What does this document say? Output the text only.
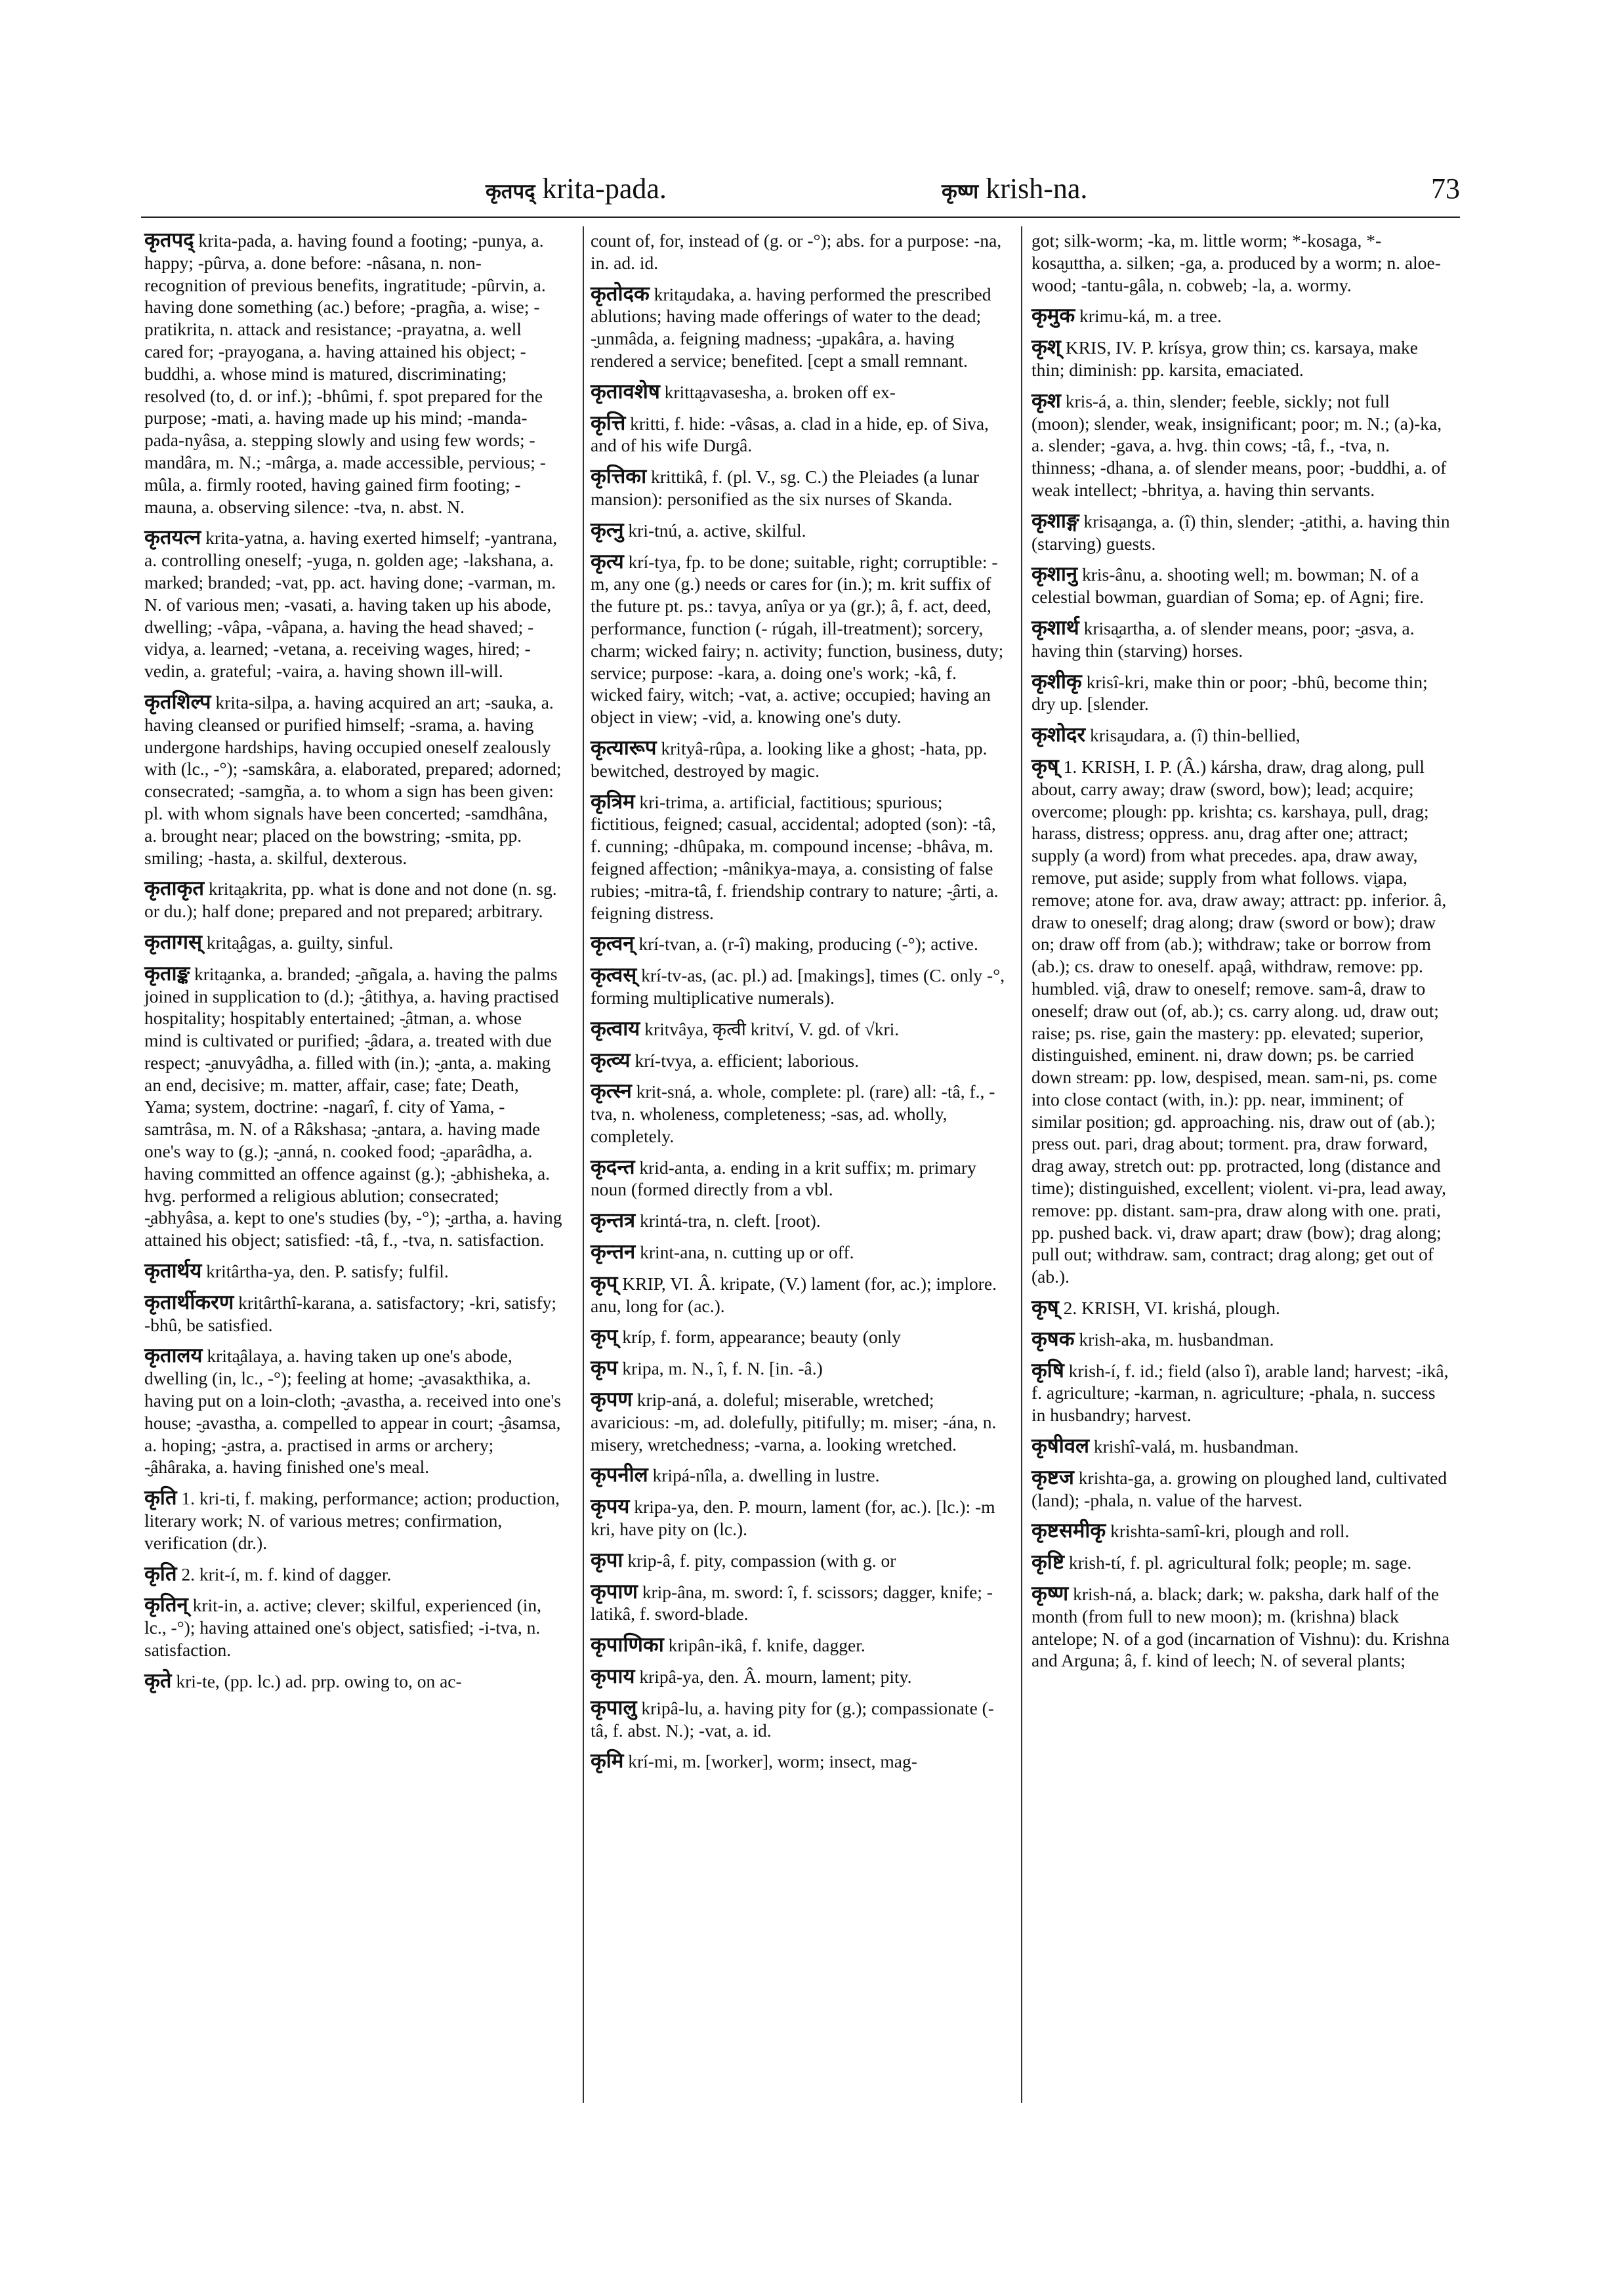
कृतपद् krita-pada.	कृष्ण krish-na.	73
कृतपद् krita-pada, a. having found a footing; -punya, a. happy; -pûrva, a. done before: -nâsana, n. non-recognition of previous benefits, ingratitude; -pûrvin, a. having done something (ac.) before; -pragña, a. wise; -pratikrita, n. attack and resistance; -prayatna, a. well cared for; -prayogana, a. having attained his object; -buddhi, a. whose mind is matured, discriminating; resolved (to, d. or inf.); -bhûmi, f. spot prepared for the purpose; -mati, a. having made up his mind; -manda-pada-nyâsa, a. stepping slowly and using few words; -mandâra, m. N.; -mârga, a. made accessible, pervious; -mûla, a. firmly rooted, having gained firm footing; -mauna, a. observing silence: -tva, n. abst. N.
कृतयत्न krita-yatna, a. having exerted himself; -yantrana, a. controlling oneself; -yuga, n. golden age; -lakshana, a. marked; branded; -vat, pp. act. having done; -varman, m. N. of various men; -vasati, a. having taken up his abode, dwelling; -vâpa, -vâpana, a. having the head shaved; -vidya, a. learned; -vetana, a. receiving wages, hired; -vedin, a. grateful; -vaira, a. having shown ill-will.
कृतशिल्प krita-silpa, a. having acquired an art; -sauka, a. having cleansed or purified himself; -srama, a. having undergone hardships, having occupied oneself zealously with (lc., -°); -samskâra, a. elaborated, prepared; adorned; consecrated; -samgña, a. to whom a sign has been given: pl. with whom signals have been concerted; -samdhâna, a. brought near; placed on the bowstring; -smita, pp. smiling; -hasta, a. skilful, dexterous.
कृताकृत krita̮akrita, pp. what is done and not done (n. sg. or du.); half done; prepared and not prepared; arbitrary.
कृतागस् krita̮âgas, a. guilty, sinful.
कृताङ्क krita̮anka, a. branded; -̮añgala, a. having the palms joined in supplication to (d.); -̮âtithya, a. having practised hospitality; hospitably entertained; -̮âtman, a. whose mind is cultivated or purified; -̮âdara, a. treated with due respect; -̮anuvyâdha, a. filled with (in.); -̮anta, a. making an end, decisive; m. matter, affair, case; fate; Death, Yama; system, doctrine: -nagarî, f. city of Yama, -samtrâsa, m. N. of a Râkshasa; -̮antara, a. having made one's way to (g.); -̮anná, n. cooked food; -̮aparâdha, a. having committed an offence against (g.); -̮abhisheka, a. hvg. performed a religious ablution; consecrated; -̮abhyâsa, a. kept to one's studies (by, -°); -̮artha, a. having attained his object; satisfied: -tâ, f., -tva, n. satisfaction.
कृतार्थय kritârtha-ya, den. P. satisfy; fulfil.
कृतार्थीकरण kritârthî-karana, a. satisfactory; -kri, satisfy; -bhû, be satisfied.
कृतालय krita̮âlaya, a. having taken up one's abode, dwelling (in, lc., -°); feeling at home; -̮avasakthika, a. having put on a loin-cloth; -̮avastha, a. received into one's house; -̮avastha, a. compelled to appear in court; -̮âsamsa, a. hoping; -̮astra, a. practised in arms or archery; -̮âhâraka, a. having finished one's meal.
कृति 1. kri-ti, f. making, performance; action; production, literary work; N. of various metres; confirmation, verification (dr.).
कृति 2. krit-í, m. f. kind of dagger.
कृतिन् krit-in, a. active; clever; skilful, experienced (in, lc., -°); having attained one's object, satisfied; -i-tva, n. satisfaction.
कृते kri-te, (pp. lc.) ad. prp. owing to, on ac-
count of, for, instead of (g. or -°); abs. for a purpose: -na, in. ad. id.
कृतोदक krita̮udaka, a. having performed the prescribed ablutions; having made offerings of water to the dead; -̮unmâda, a. feigning madness; -̮upakâra, a. having rendered a service; benefited. [cept a small remnant.
कृतावशेष kritta̮avasesha, a. broken off ex-
कृत्ति kritti, f. hide: -vâsas, a. clad in a hide, ep. of Siva, and of his wife Durgâ.
कृत्तिका krittikâ, f. (pl. V., sg. C.) the Pleiades (a lunar mansion): personified as the six nurses of Skanda.
कृत्नु kri-tnú, a. active, skilful.
कृत्य krí-tya, fp. to be done; suitable, right; corruptible: -m, any one (g.) needs or cares for (in.); m. krit suffix of the future pt. ps.: tavya, anîya or ya (gr.); â, f. act, deed, performance, function (- rúgah, ill-treatment); sorcery, charm; wicked fairy; n. activity; function, business, duty; service; purpose: -kara, a. doing one's work; -kâ, f. wicked fairy, witch; -vat, a. active; occupied; having an object in view; -vid, a. knowing one's duty.
कृत्यारूप krityâ-rûpa, a. looking like a ghost; -hata, pp. bewitched, destroyed by magic.
कृत्रिम kri-trima, a. artificial, factitious; spurious; fictitious, feigned; casual, accidental; adopted (son): -tâ, f. cunning; -dhûpaka, m. compound incense; -bhâva, m. feigned affection; -mânikya-maya, a. consisting of false rubies; -mitra-tâ, f. friendship contrary to nature; -̮ârti, a. feigning distress.
कृत्वन् krí-tvan, a. (r-î) making, producing (-°); active.
कृत्वस् krí-tv-as, (ac. pl.) ad. [makings], times (C. only -°, forming multiplicative numerals).
कृत्वाय kritvâya, कृत्वी kritví, V. gd. of √kri.
कृत्व्य krí-tvya, a. efficient; laborious.
कृत्स्न krit-sná, a. whole, complete: pl. (rare) all: -tâ, f., -tva, n. wholeness, completeness; -sas, ad. wholly, completely.
कृदन्त krid-anta, a. ending in a krit suffix; m. primary noun (formed directly from a vbl.
कृन्तत्र krintá-tra, n. cleft. [root).
कृन्तन krint-ana, n. cutting up or off.
कृप् KRIP, VI. Â. kripate, (V.) lament (for, ac.); implore. anu, long for (ac.).
कृप् kríp, f. form, appearance; beauty (only
कृप kripa, m. N., î, f. N. [in. -â.)
कृपण krip-aná, a. doleful; miserable, wretched; avaricious: -m, ad. dolefully, pitifully; m. miser; -ána, n. misery, wretchedness; -varna, a. looking wretched.
कृपनील kripá-nîla, a. dwelling in lustre.
कृपय kripa-ya, den. P. mourn, lament (for, ac.). [lc.): -m kri, have pity on (lc.).
कृपा krip-â, f. pity, compassion (with g. or
कृपाण krip-âna, m. sword: î, f. scissors; dagger, knife; -latikâ, f. sword-blade.
कृपाणिका kripân-ikâ, f. knife, dagger.
कृपाय kripâ-ya, den. Â. mourn, lament; pity.
कृपालु kripâ-lu, a. having pity for (g.); compassionate (-tâ, f. abst. N.); -vat, a. id.
कृमि krí-mi, m. [worker], worm; insect, mag-
got; silk-worm; -ka, m. little worm; *-kosaga, *-kosa̮uttha, a. silken; -ga, a. produced by a worm; n. aloe-wood; -tantu-gâla, n. cobweb; -la, a. wormy.
कृमुक krimu-ká, m. a tree.
कृश् KRIS, IV. P. krísya, grow thin; cs. karsaya, make thin; diminish: pp. karsita, emaciated.
कृश kris-á, a. thin, slender; feeble, sickly; not full (moon); slender, weak, insignificant; poor; m. N.; (a)-ka, a. slender; -gava, a. hvg. thin cows; -tâ, f., -tva, n. thinness; -dhana, a. of slender means, poor; -buddhi, a. of weak intellect; -bhritya, a. having thin servants.
कृशाङ्ग krisa̮anga, a. (î) thin, slender; -̮atithi, a. having thin (starving) guests.
कृशानु kris-ânu, a. shooting well; m. bowman; N. of a celestial bowman, guardian of Soma; ep. of Agni; fire.
कृशार्थ krisa̮artha, a. of slender means, poor; -̮asva, a. having thin (starving) horses.
कृशीकृ krisî-kri, make thin or poor; -bhû, become thin; dry up. [slender.
कृशोदर krisa̮udara, a. (î) thin-bellied,
कृष् 1. KRISH, I. P. (Â.) kársha, draw, drag along, pull about, carry away; draw (sword, bow); lead; acquire; overcome; plough: pp. krishta; cs. karshaya, pull, drag; harass, distress; oppress. anu, drag after one; attract; supply (a word) from what precedes. apa, draw away, remove, put aside; supply from what follows. vi̮apa, remove; atone for. ava, draw away; attract: pp. inferior. â, draw to oneself; drag along; draw (sword or bow); draw on; draw off from (ab.); withdraw; take or borrow from (ab.); cs. draw to oneself. apa̮â, withdraw, remove: pp. humbled. vi̮â, draw to oneself; remove. sam-â, draw to oneself; draw out (of, ab.); cs. carry along. ud, draw out; raise; ps. rise, gain the mastery: pp. elevated; superior, distinguished, eminent. ni, draw down; ps. be carried down stream: pp. low, despised, mean. sam-ni, ps. come into close contact (with, in.): pp. near, imminent; of similar position; gd. approaching. nis, draw out of (ab.); press out. pari, drag about; torment. pra, draw forward, drag away, stretch out: pp. protracted, long (distance and time); distinguished, excellent; violent. vi-pra, lead away, remove: pp. distant. sam-pra, draw along with one. prati, pp. pushed back. vi, draw apart; draw (bow); drag along; pull out; withdraw. sam, contract; drag along; get out of (ab.).
कृष् 2. KRISH, VI. krishá, plough.
कृषक krish-aka, m. husbandman.
कृषि krish-í, f. id.; field (also î), arable land; harvest; -ikâ, f. agriculture; -karman, n. agriculture; -phala, n. success in husbandry; harvest.
कृषीवल krishî-valá, m. husbandman.
कृष्टज krishta-ga, a. growing on ploughed land, cultivated (land); -phala, n. value of the harvest.
कृष्टसमीकृ krishta-samî-kri, plough and roll.
कृष्टि krish-tí, f. pl. agricultural folk; people; m. sage.
कृष्ण krish-ná, a. black; dark; w. paksha, dark half of the month (from full to new moon); m. (krishna) black antelope; N. of a god (incarnation of Vishnu): du. Krishna and Arguna; â, f. kind of leech; N. of several plants;
